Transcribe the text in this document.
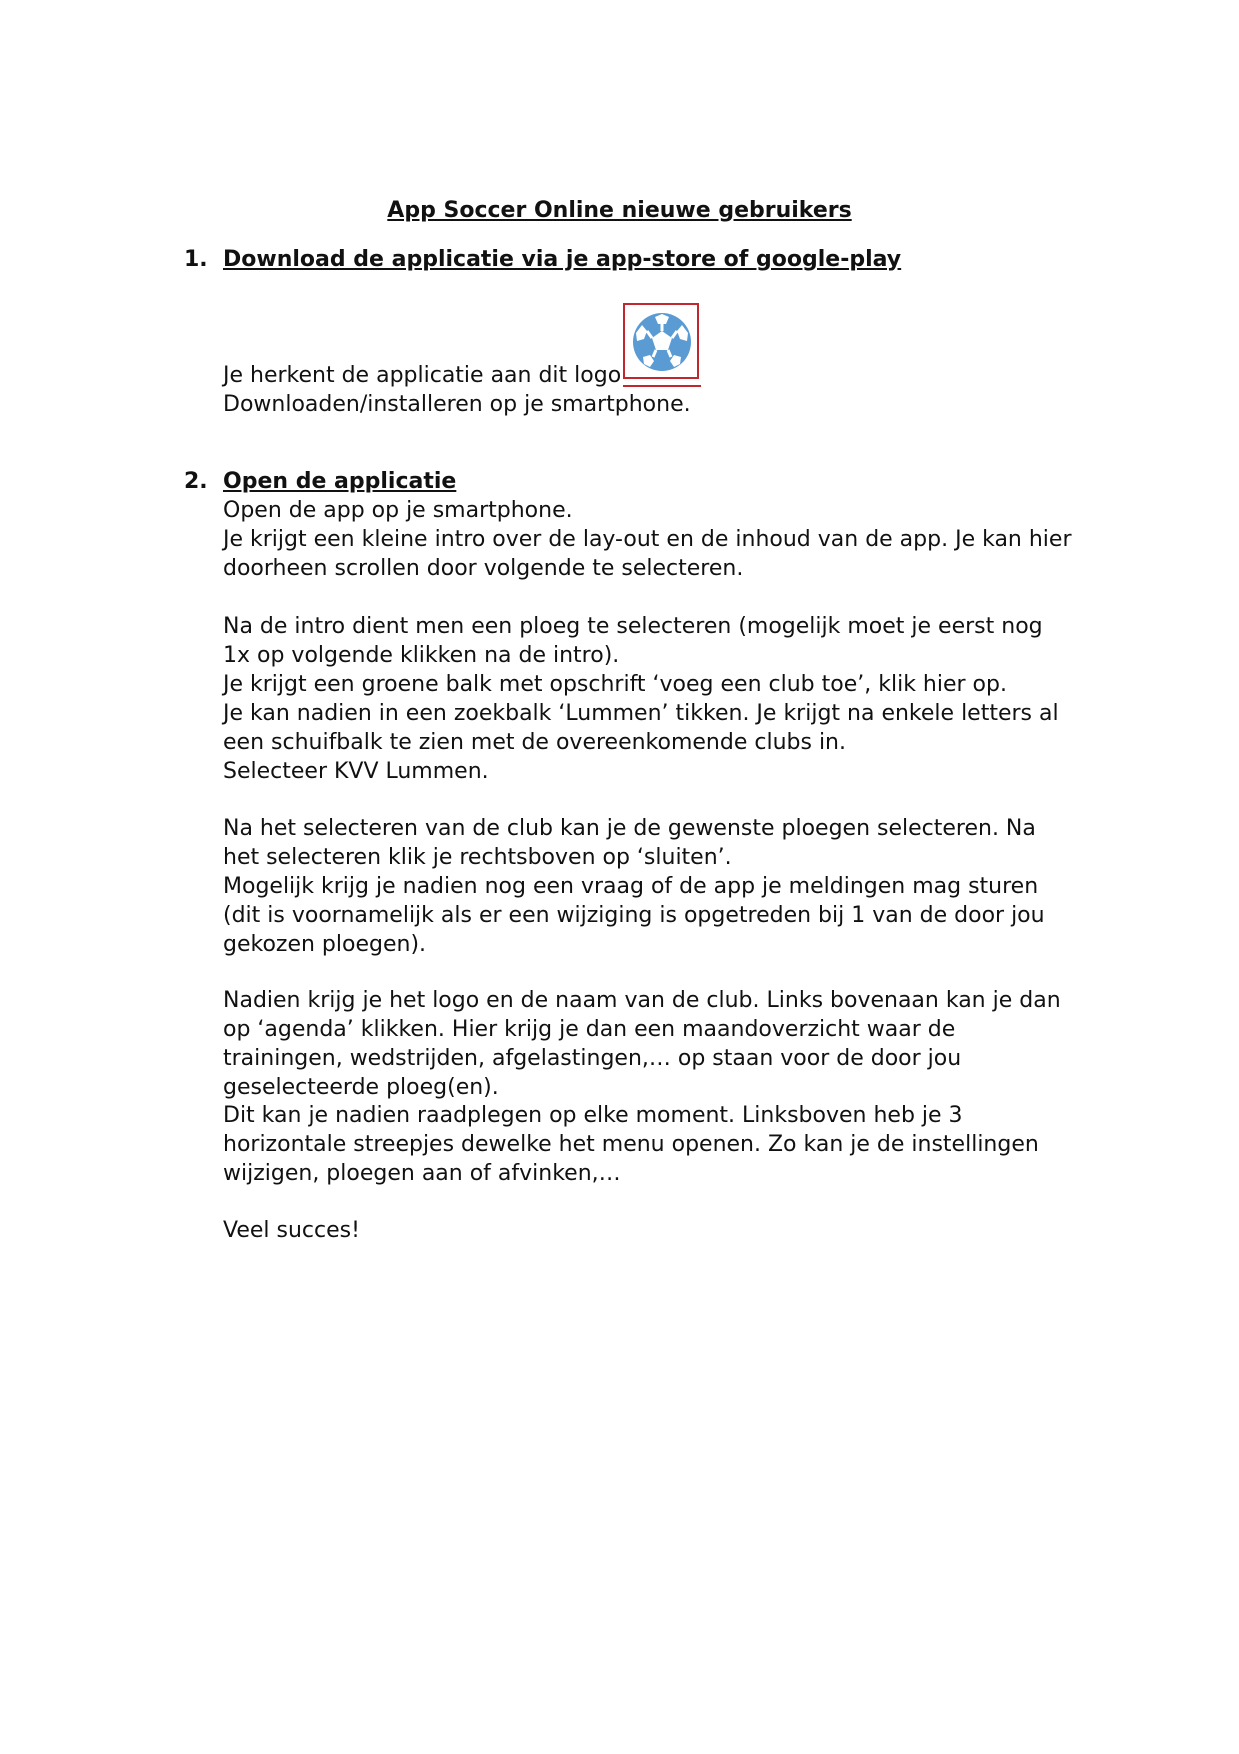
App Soccer Online nieuwe gebruikers
1. Download de applicatie via je app-store of google-play

Je herkent de applicatie aan dit logo

Downloaden/installeren op je smartphone.

2. Open de applicatie

Open de app op je smartphone.
Je krijgt een kleine intro over de lay-out en de inhoud van de app. Je kan hier doorheen scrollen door volgende te selecteren.

Na de intro dient men een ploeg te selecteren (mogelijk moet je eerst nog 1x op volgende klikken na de intro).
Je krijgt een groene balk met opschrift ‘voeg een club toe’, klik hier op.
Je kan nadien in een zoekbalk ‘Lummen’ tikken. Je krijgt na enkele letters al een schuifbalk te zien met de overeenkomende clubs in.
Selecteer KVV Lummen.

Na het selecteren van de club kan je de gewenste ploegen selecteren. Na het selecteren klik je rechtsboven op ‘sluiten’.
Mogelijk krijg je nadien nog een vraag of de app je meldingen mag sturen (dit is voornamelijk als er een wijziging is opgetreden bij 1 van de door jou gekozen ploegen).

Nadien krijg je het logo en de naam van de club. Links bovenaan kan je dan op ‘agenda’ klikken. Hier krijg je dan een maandoverzicht waar de trainingen, wedstrijden, afgelastingen,… op staan voor de door jou geselecteerde ploeg(en).

Dit kan je nadien raadplegen op elke moment. Linksboven heb je 3 horizontale streepjes dewelke het menu openen. Zo kan je de instellingen wijzigen, ploegen aan of afvinken,…

Veel succes!
